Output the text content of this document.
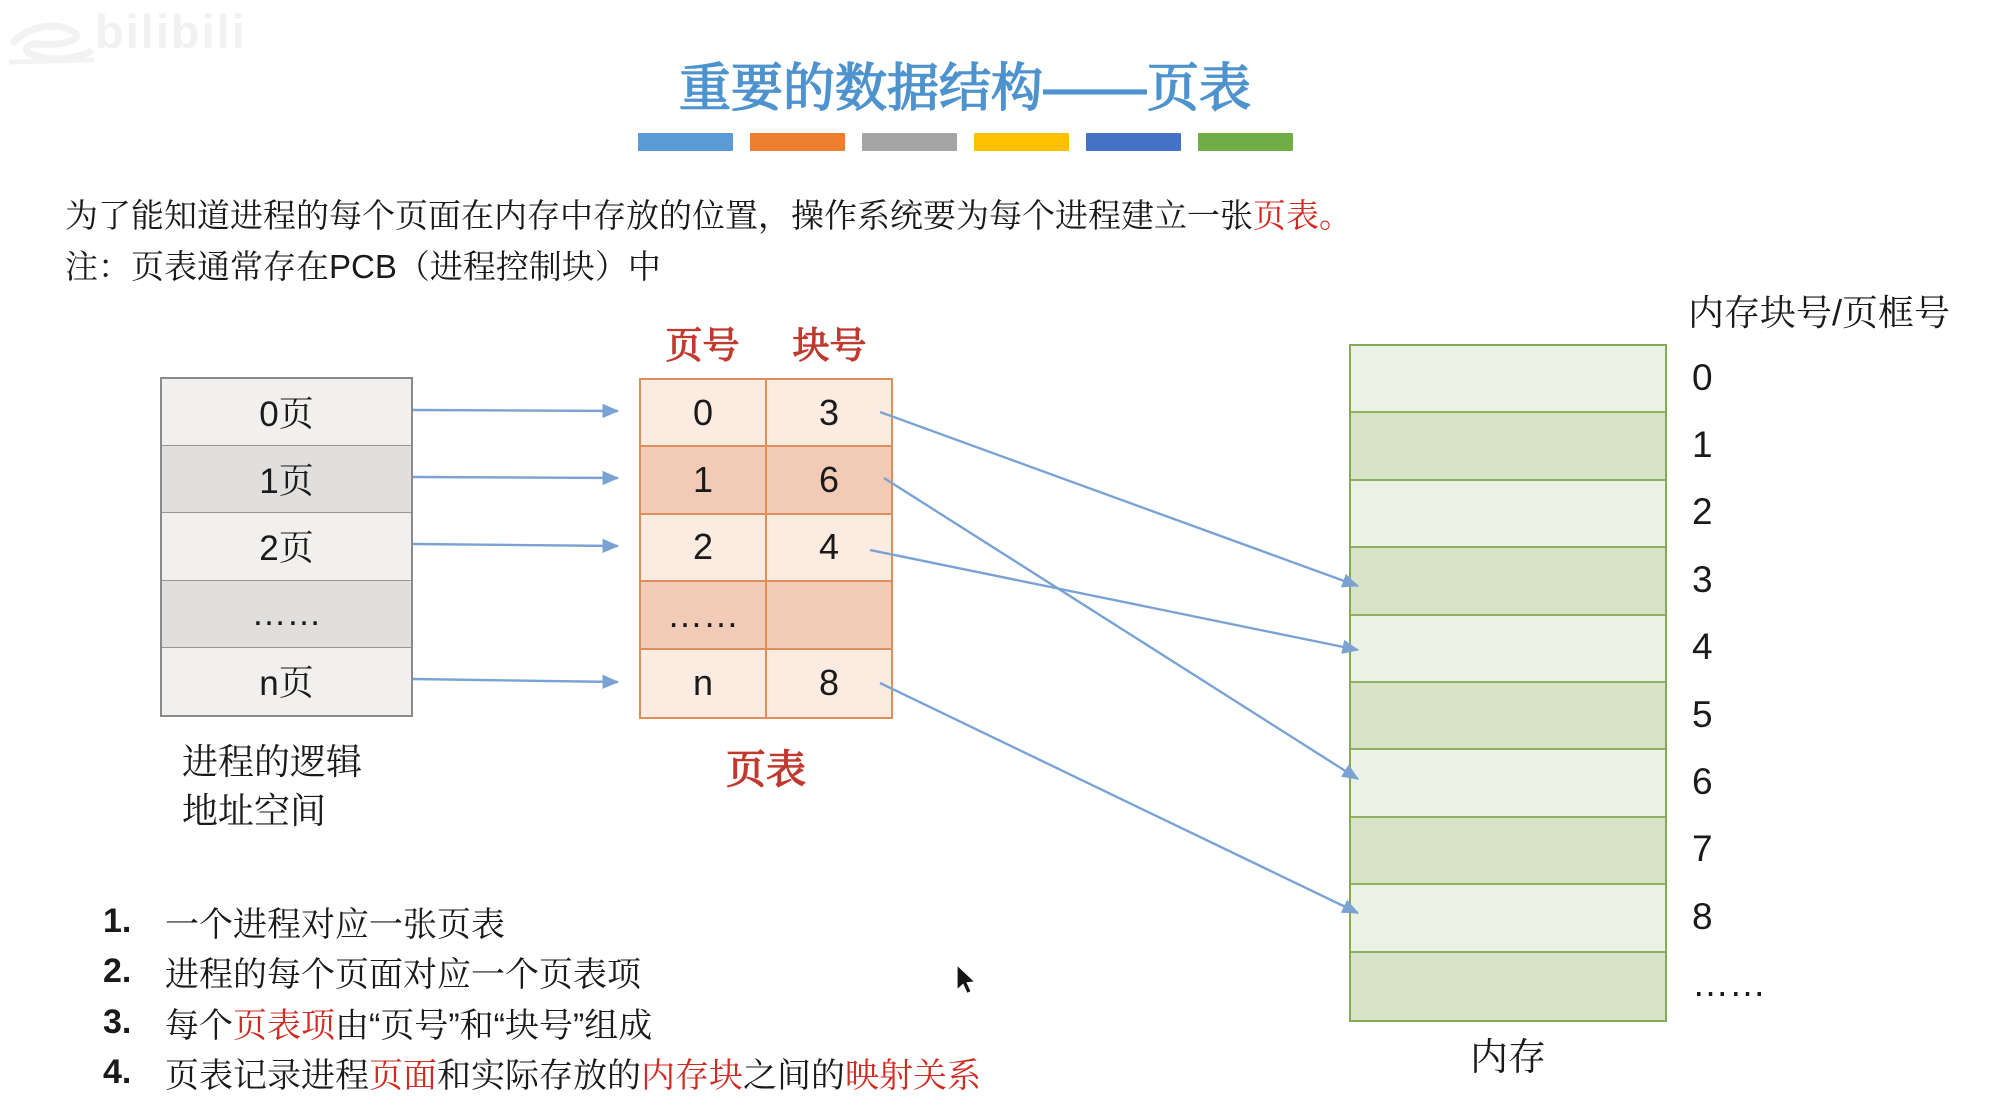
bilibili
重要的数据结构——页表
为了能知道进程的每个页面在内存中存放的位置，操作系统要为每个进程建立一张页表。
注：页表通常存在PCB（进程控制块）中
0页
1页
2页
……
n页
进程的逻辑
地址空间
页号	块号
0	3
1	6
2	4
……
n	8
页表
内存块号/页框号
0
1
2
3
4
5
6
7
8
……
内存
1. 一个进程对应一张页表
2. 进程的每个页面对应一个页表项
3. 每个页表项由“页号”和“块号”组成
4. 页表记录进程页面和实际存放的内存块之间的映射关系
